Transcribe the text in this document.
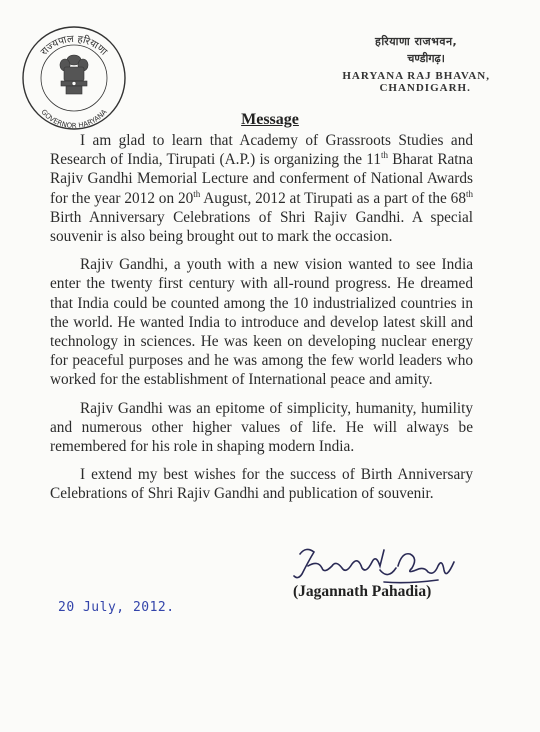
राज्यपाल हरियाणा
GOVERNOR HARYANA
हरियाणा राजभवन,
चण्डीगढ़।
HARYANA RAJ BHAVAN,
CHANDIGARH.
Message

I am glad to learn that Academy of Grassroots Studies and Research of India, Tirupati (A.P.) is organizing the 11th Bharat Ratna Rajiv Gandhi Memorial Lecture and conferment of National Awards for the year 2012 on 20th August, 2012 at Tirupati as a part of the 68th Birth Anniversary Celebrations of Shri Rajiv Gandhi. A special souvenir is also being brought out to mark the occasion.

Rajiv Gandhi, a youth with a new vision wanted to see India enter the twenty first century with all-round progress. He dreamed that India could be counted among the 10 industrialized countries in the world. He wanted India to introduce and develop latest skill and technology in sciences. He was keen on developing nuclear energy for peaceful purposes and he was among the few world leaders who worked for the establishment of International peace and amity.

Rajiv Gandhi was an epitome of simplicity, humanity, humility and numerous other higher values of life. He will always be remembered for his role in shaping modern India.

I extend my best wishes for the success of Birth Anniversary Celebrations of Shri Rajiv Gandhi and publication of souvenir.

(Jagannath Pahadia)
20 July, 2012.
